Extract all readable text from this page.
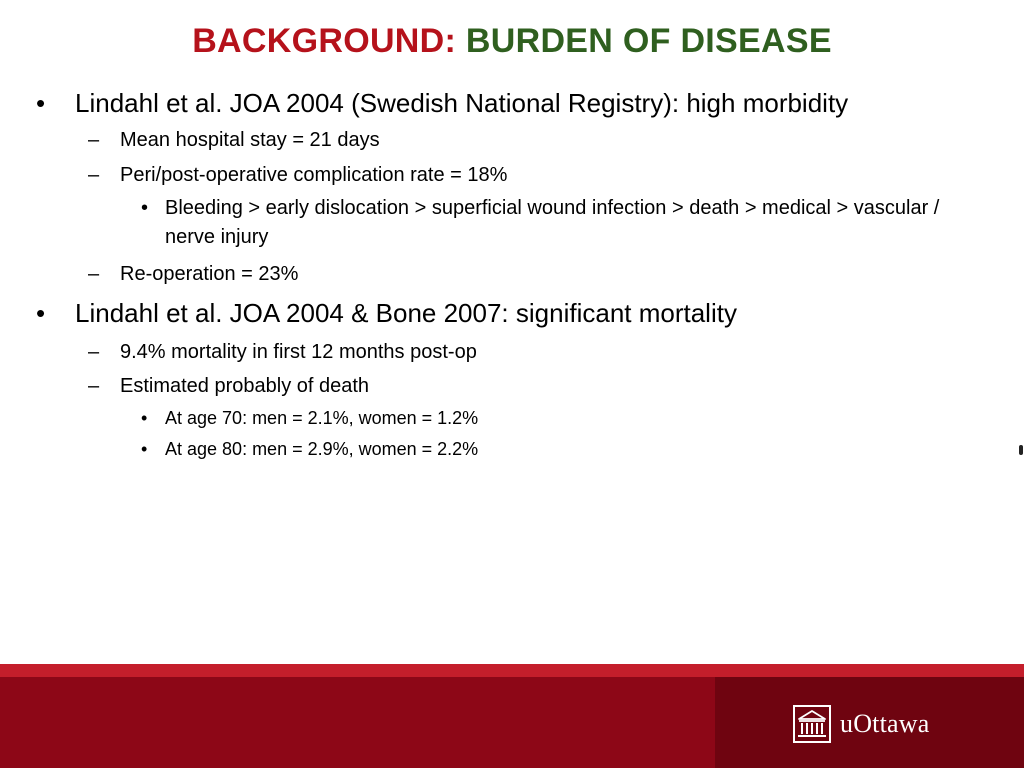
BACKGROUND: BURDEN OF DISEASE
• Lindahl et al. JOA 2004 (Swedish National Registry): high morbidity
– Mean hospital stay = 21 days
– Peri/post-operative complication rate = 18%
• Bleeding > early dislocation > superficial wound infection > death > medical > vascular / nerve injury
– Re-operation = 23%
• Lindahl et al. JOA 2004 & Bone 2007: significant mortality
– 9.4% mortality in first 12 months post-op
– Estimated probably of death
• At age 70: men = 2.1%, women = 1.2%
• At age 80: men = 2.9%, women = 2.2%
uOttawa
